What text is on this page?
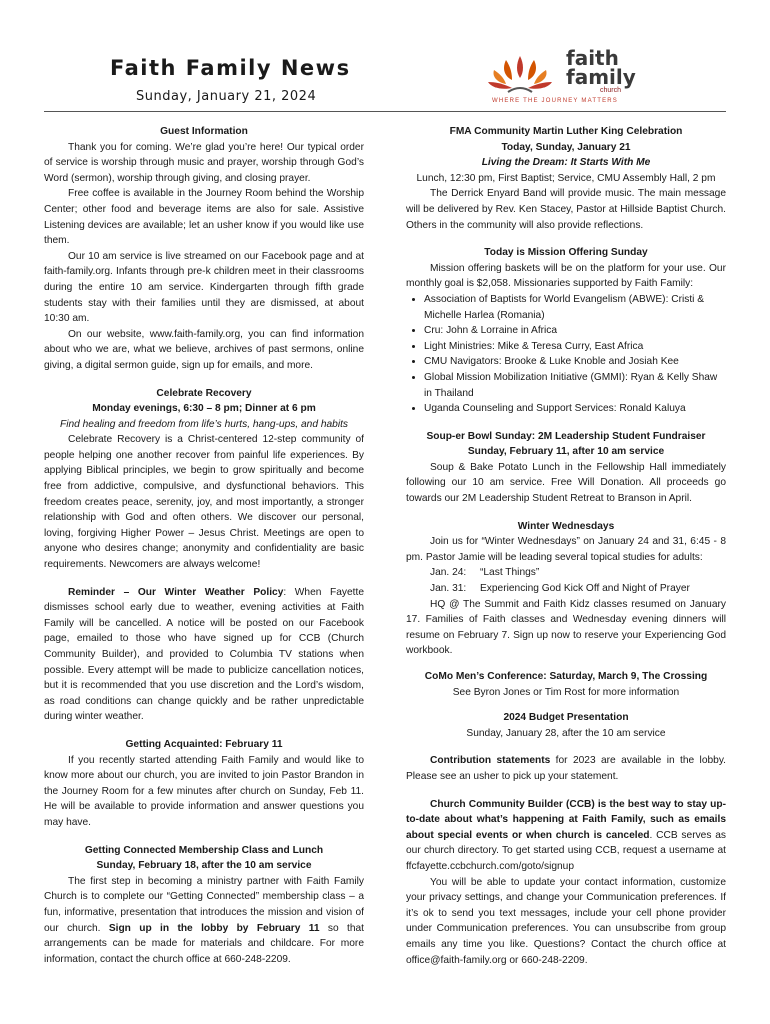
Faith Family News
Sunday, January 21, 2024
faith
family
church
WHERE THE JOURNEY MATTERS

Guest Information

Thank you for coming. We’re glad you’re here! Our typical order of service is worship through music and prayer, worship through God’s Word (sermon), worship through giving, and closing prayer.

Free coffee is available in the Journey Room behind the Worship Center; other food and beverage items are also for sale. Assistive Listening devices are available; let an usher know if you would like use them.

Our 10 am service is live streamed on our Facebook page and at faith-family.org. Infants through pre-k children meet in their classrooms during the entire 10 am service. Kindergarten through fifth grade students stay with their families until they are dismissed, at about 10:30 am.

On our website, www.faith-family.org, you can find information about who we are, what we believe, archives of past sermons, online giving, a digital sermon guide, sign up for emails, and more.

Celebrate Recovery

Monday evenings, 6:30 – 8 pm; Dinner at 6 pm

Find healing and freedom from life’s hurts, hang-ups, and habits

Celebrate Recovery is a Christ-centered 12-step community of people helping one another recover from painful life experiences. By applying Biblical principles, we begin to grow spiritually and become free from addictive, compulsive, and dysfunctional behaviors. This freedom creates peace, serenity, joy, and most importantly, a stronger relationship with God and often others. We discover our personal, loving, forgiving Higher Power – Jesus Christ. Meetings are open to anyone who desires change; anonymity and confidentiality are basic requirements. Newcomers are always welcome!

Reminder – Our Winter Weather Policy: When Fayette dismisses school early due to weather, evening activities at Faith Family will be cancelled. A notice will be posted on our Facebook page, emailed to those who have signed up for CCB (Church Community Builder), and provided to Columbia TV stations when possible. Every attempt will be made to publicize cancellation notices, but it is recommended that you use discretion and the Lord’s wisdom, as road conditions can change quickly and be rather unpredictable during winter weather.

Getting Acquainted: February 11

If you recently started attending Faith Family and would like to know more about our church, you are invited to join Pastor Brandon in the Journey Room for a few minutes after church on Sunday, Feb 11. He will be available to provide information and answer questions you may have.

Getting Connected Membership Class and Lunch

Sunday, February 18, after the 10 am service

The first step in becoming a ministry partner with Faith Family Church is to complete our “Getting Connected” membership class – a fun, informative, presentation that introduces the mission and vision of our church. Sign up in the lobby by February 11 so that arrangements can be made for materials and childcare. For more information, contact the church office at 660-248-2209.

FMA Community Martin Luther King Celebration

Today, Sunday, January 21

Living the Dream: It Starts With Me

Lunch, 12:30 pm, First Baptist; Service, CMU Assembly Hall, 2 pm

The Derrick Enyard Band will provide music. The main message will be delivered by Rev. Ken Stacey, Pastor at Hillside Baptist Church. Others in the community will also provide reflections.

Today is Mission Offering Sunday

Mission offering baskets will be on the platform for your use. Our monthly goal is $2,058. Missionaries supported by Faith Family:

• Association of Baptists for World Evangelism (ABWE): Cristi & Michelle Harlea (Romania)
• Cru: John & Lorraine in Africa
• Light Ministries: Mike & Teresa Curry, East Africa
• CMU Navigators: Brooke & Luke Knoble and Josiah Kee
• Global Mission Mobilization Initiative (GMMI): Ryan & Kelly Shaw in Thailand
• Uganda Counseling and Support Services: Ronald Kaluya

Soup-er Bowl Sunday: 2M Leadership Student Fundraiser

Sunday, February 11, after 10 am service

Soup & Bake Potato Lunch in the Fellowship Hall immediately following our 10 am service. Free Will Donation. All proceeds go towards our 2M Leadership Student Retreat to Branson in April.

Winter Wednesdays

Join us for “Winter Wednesdays” on January 24 and 31, 6:45 - 8 pm. Pastor Jamie will be leading several topical studies for adults:

Jan. 24: “Last Things”

Jan. 31: Experiencing God Kick Off and Night of Prayer

HQ @ The Summit and Faith Kidz classes resumed on January 17. Families of Faith classes and Wednesday evening dinners will resume on February 7. Sign up now to reserve your Experiencing God workbook.

CoMo Men’s Conference: Saturday, March 9, The Crossing

See Byron Jones or Tim Rost for more information

2024 Budget Presentation

Sunday, January 28, after the 10 am service

Contribution statements for 2023 are available in the lobby. Please see an usher to pick up your statement.

Church Community Builder (CCB) is the best way to stay up-to-date about what’s happening at Faith Family, such as emails about special events or when church is canceled. CCB serves as our church directory. To get started using CCB, request a username at ffcfayette.ccbchurch.com/goto/signup

You will be able to update your contact information, customize your privacy settings, and change your Communication preferences. If it’s ok to send you text messages, include your cell phone provider under Communication preferences. You can unsubscribe from group emails any time you like. Questions? Contact the church office at office@faith-family.org or 660-248-2209.
